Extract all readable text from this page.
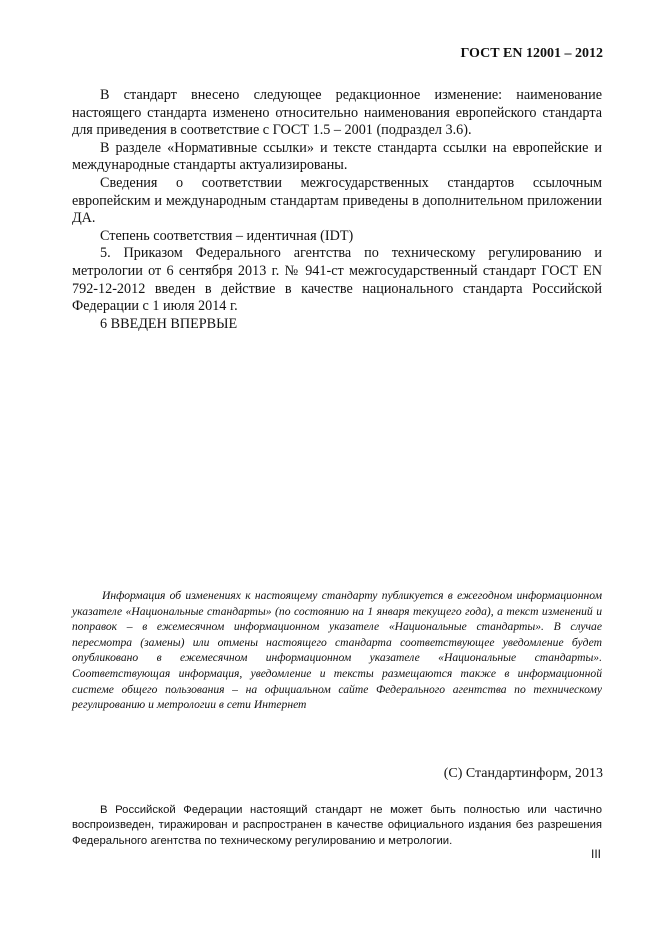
ГОСТ EN 12001 – 2012

В стандарт внесено следующее редакционное изменение: наименование настоящего стандарта изменено относительно наименования европейского стандарта для приведения в соответствие с ГОСТ 1.5 – 2001 (подраздел 3.6).

В разделе «Нормативные ссылки» и тексте стандарта ссылки на европейские и международные стандарты актуализированы.

Сведения о соответствии межгосударственных стандартов ссылочным европейским и международным стандартам приведены в дополнительном приложении ДА.

Степень соответствия – идентичная (IDT)

5. Приказом Федерального агентства по техническому регулированию и метрологии от 6 сентября 2013 г. № 941-ст межгосударственный стандарт ГОСТ EN 792-12-2012 введен в действие в качестве национального стандарта Российской Федерации с 1 июля 2014 г.

6 ВВЕДЕН ВПЕРВЫЕ

Информация об изменениях к настоящему стандарту публикуется в ежегодном информационном указателе «Национальные стандарты» (по состоянию на 1 января текущего года), а текст изменений и поправок – в ежемесячном информационном указателе «Национальные стандарты». В случае пересмотра (замены) или отмены настоящего стандарта соответствующее уведомление будет опубликовано в ежемесячном информационном указателе «Национальные стандарты». Соответствующая информация, уведомление и тексты размещаются также в информационной системе общего пользования – на официальном сайте Федерального агентства по техническому регулированию и метрологии в сети Интернет

(С) Стандартинформ, 2013

В Российской Федерации настоящий стандарт не может быть полностью или частично воспроизведен, тиражирован и распространен в качестве официального издания без разрешения Федерального агентства по техническому регулированию и метрологии.

III
